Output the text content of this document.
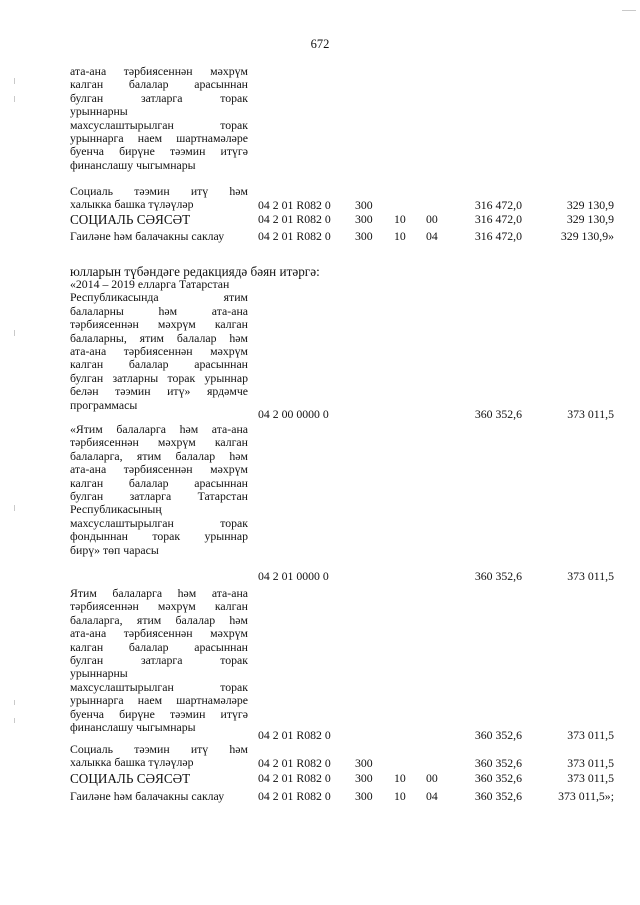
672
ата-ана тәрбиясеннән мәхрүм
калган балалар арасыннан
булган затларга торак
урыннарны
махсуслаштырылган торак
урыннарга наем шартнамәләре
буенча бирүне тәэмин итүгә
финанслашу чыгымнары
Социаль тәэмин итү һәм
халыкка башка түләүләр	04 2 01 R082 0 300	316 472,0	329 130,9
СОЦИАЛЬ СӘЯСӘТ	04 2 01 R082 0 300 10 00	316 472,0	329 130,9
Гаиләне һәм балачакны саклау	04 2 01 R082 0 300 10 04	316 472,0	329 130,9»
юлларын түбәндәге редакциядә бәян итәргә:
«2014 – 2019 елларга Татарстан
Республикасында ятим
балаларны һәм ата-ана
тәрбиясеннән мәхрүм калган
балаларны, ятим балалар һәм
ата-ана тәрбиясеннән мәхрүм
калган балалар арасыннан
булган затларны торак урыннар
белән тәэмин итү» ярдәмче
программасы
04 2 00 0000 0	360 352,6	373 011,5
«Ятим балаларга һәм ата-ана
тәрбиясеннән мәхрүм калган
балаларга, ятим балалар һәм
ата-ана тәрбиясеннән мәхрүм
калган балалар арасыннан
булган затларга Татарстан
Республикасының
махсуслаштырылган торак
фондыннан торак урыннар
бирү» төп чарасы
04 2 01 0000 0	360 352,6	373 011,5
Ятим балаларга һәм ата-ана
тәрбиясеннән мәхрүм калган
балаларга, ятим балалар һәм
ата-ана тәрбиясеннән мәхрүм
калган балалар арасыннан
булган затларга торак
урыннарны
махсуслаштырылган торак
урыннарга наем шартнамәләре
буенча бирүне тәэмин итүгә
финанслашу чыгымнары
04 2 01 R082 0	360 352,6	373 011,5
Социаль тәэмин итү һәм
халыкка башка түләүләр	04 2 01 R082 0 300	360 352,6	373 011,5
СОЦИАЛЬ СӘЯСӘТ	04 2 01 R082 0 300 10 00	360 352,6	373 011,5
Гаиләне һәм балачакны саклау	04 2 01 R082 0 300 10 04	360 352,6	373 011,5»;
